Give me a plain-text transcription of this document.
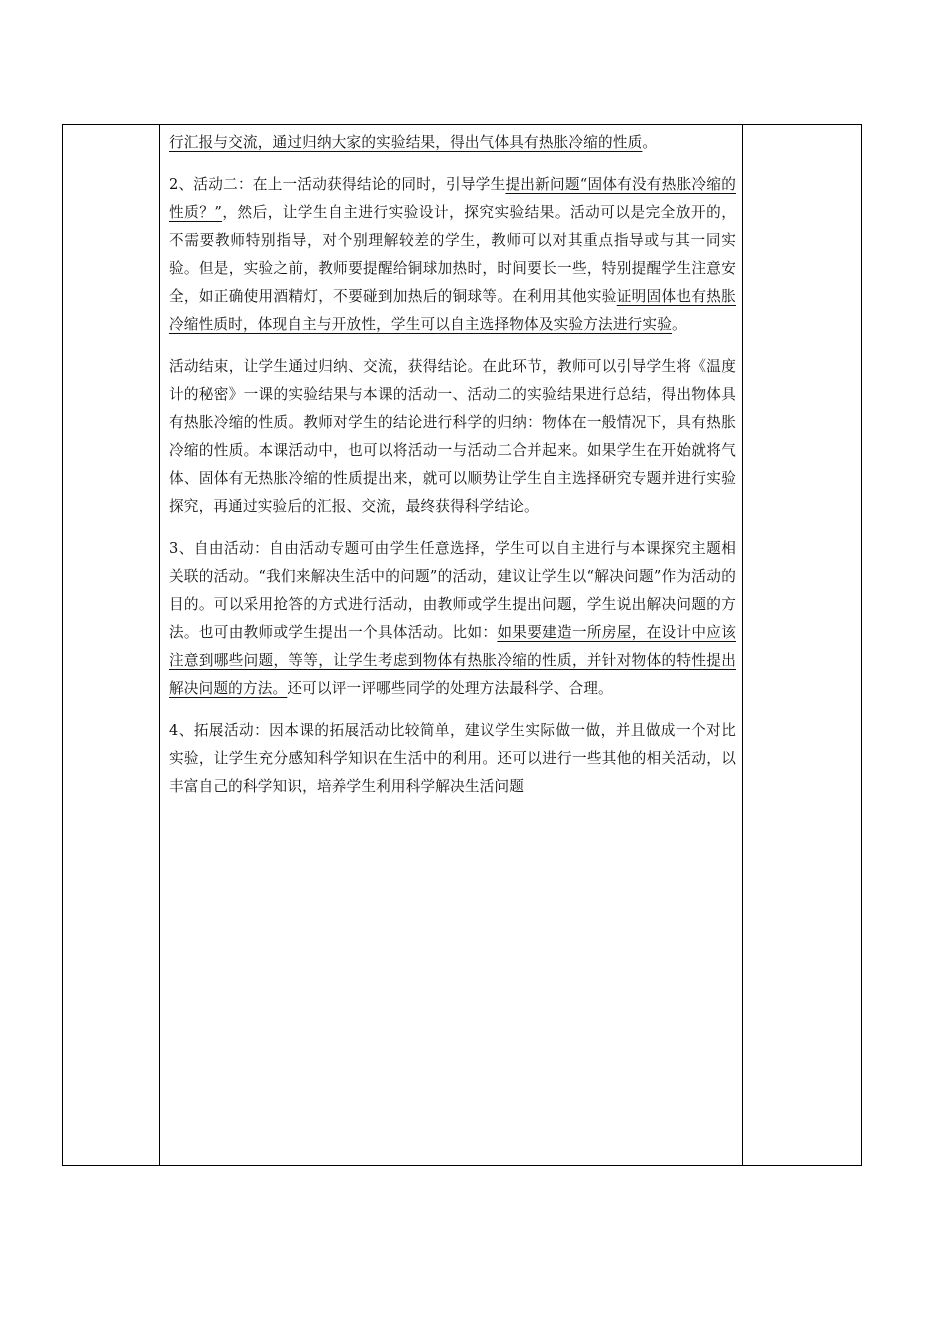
行汇报与交流，通过归纳大家的实验结果，得出气体具有热胀冷缩的性质。

2、活动二：在上一活动获得结论的同时，引导学生提出新问题“固体有没有热胀冷缩的性质？”，然后，让学生自主进行实验设计，探究实验结果。活动可以是完全放开的，不需要教师特别指导，对个别理解较差的学生，教师可以对其重点指导或与其一同实验。但是，实验之前，教师要提醒给铜球加热时，时间要长一些，特别提醒学生注意安全，如正确使用酒精灯，不要碰到加热后的铜球等。在利用其他实验证明固体也有热胀冷缩性质时，体现自主与开放性，学生可以自主选择物体及实验方法进行实验。

活动结束，让学生通过归纳、交流，获得结论。在此环节，教师可以引导学生将《温度计的秘密》一课的实验结果与本课的活动一、活动二的实验结果进行总结，得出物体具有热胀冷缩的性质。教师对学生的结论进行科学的归纳：物体在一般情况下，具有热胀冷缩的性质。本课活动中，也可以将活动一与活动二合并起来。如果学生在开始就将气体、固体有无热胀冷缩的性质提出来，就可以顺势让学生自主选择研究专题并进行实验探究，再通过实验后的汇报、交流，最终获得科学结论。

3、自由活动：自由活动专题可由学生任意选择，学生可以自主进行与本课探究主题相关联的活动。“我们来解决生活中的问题”的活动，建议让学生以“解决问题”作为活动的目的。可以采用抢答的方式进行活动，由教师或学生提出问题，学生说出解决问题的方法。也可由教师或学生提出一个具体活动。比如：如果要建造一所房屋，在设计中应该注意到哪些问题，等等，让学生考虑到物体有热胀冷缩的性质，并针对物体的特性提出解决问题的方法。还可以评一评哪些同学的处理方法最科学、合理。

4、拓展活动：因本课的拓展活动比较简单，建议学生实际做一做，并且做成一个对比实验，让学生充分感知科学知识在生活中的利用。还可以进行一些其他的相关活动，以丰富自己的科学知识，培养学生利用科学解决生活问题
